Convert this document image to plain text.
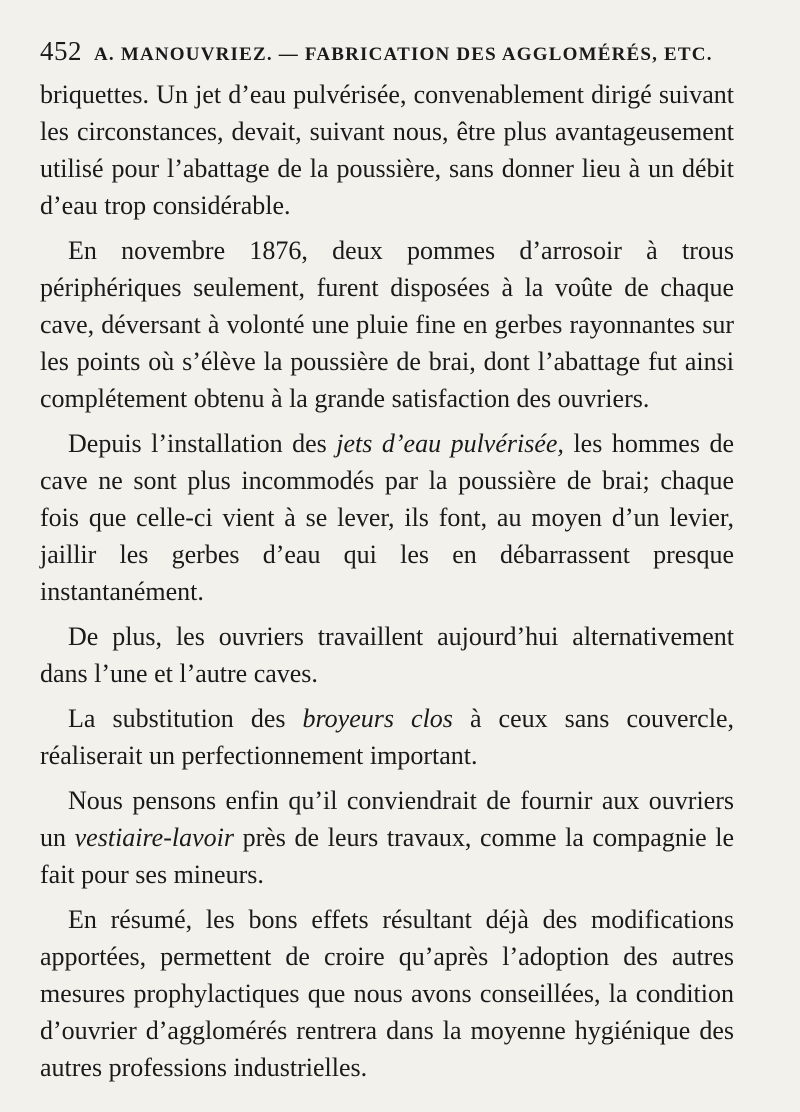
452 A. MANOUVRIEZ. — FABRICATION DES AGGLOMÉRÉS, ETC.

briquettes. Un jet d’eau pulvérisée, convenablement dirigé suivant les circonstances, devait, suivant nous, être plus avantageusement utilisé pour l’abattage de la poussière, sans donner lieu à un débit d’eau trop considérable.

En novembre 1876, deux pommes d’arrosoir à trous périphériques seulement, furent disposées à la voûte de chaque cave, déversant à volonté une pluie fine en gerbes rayonnantes sur les points où s’élève la poussière de brai, dont l’abattage fut ainsi complétement obtenu à la grande satisfaction des ouvriers.

Depuis l’installation des jets d’eau pulvérisée, les hommes de cave ne sont plus incommodés par la poussière de brai; chaque fois que celle-ci vient à se lever, ils font, au moyen d’un levier, jaillir les gerbes d’eau qui les en débarrassent presque instantanément.

De plus, les ouvriers travaillent aujourd’hui alternativement dans l’une et l’autre caves.

La substitution des broyeurs clos à ceux sans couvercle, réaliserait un perfectionnement important.

Nous pensons enfin qu’il conviendrait de fournir aux ouvriers un vestiaire-lavoir près de leurs travaux, comme la compagnie le fait pour ses mineurs.

En résumé, les bons effets résultant déjà des modifications apportées, permettent de croire qu’après l’adoption des autres mesures prophylactiques que nous avons conseillées, la condition d’ouvrier d’agglomérés rentrera dans la moyenne hygiénique des autres professions industrielles.
